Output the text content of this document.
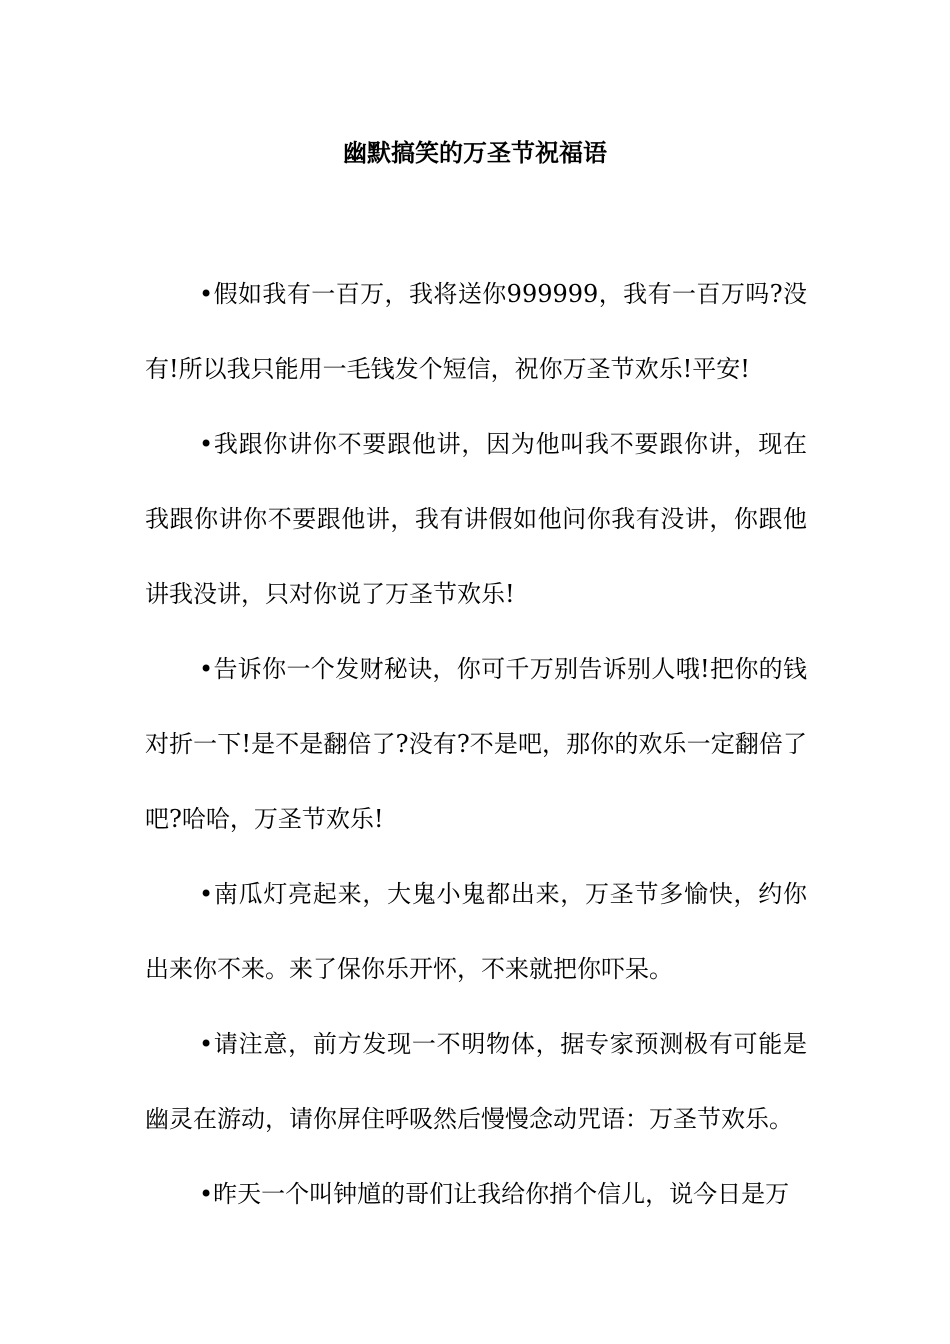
幽默搞笑的万圣节祝福语

•假如我有一百万，我将送你999999，我有一百万吗?没有!所以我只能用一毛钱发个短信，祝你万圣节欢乐!平安!

•我跟你讲你不要跟他讲，因为他叫我不要跟你讲，现在我跟你讲你不要跟他讲，我有讲假如他问你我有没讲，你跟他讲我没讲，只对你说了万圣节欢乐!

•告诉你一个发财秘诀，你可千万别告诉别人哦!把你的钱对折一下!是不是翻倍了?没有?不是吧，那你的欢乐一定翻倍了吧?哈哈，万圣节欢乐!

•南瓜灯亮起来，大鬼小鬼都出来，万圣节多愉快，约你出来你不来。来了保你乐开怀，不来就把你吓呆。

•请注意，前方发现一不明物体，据专家预测极有可能是幽灵在游动，请你屏住呼吸然后慢慢念动咒语：万圣节欢乐。

•昨天一个叫钟馗的哥们让我给你捎个信儿，说今日是万
